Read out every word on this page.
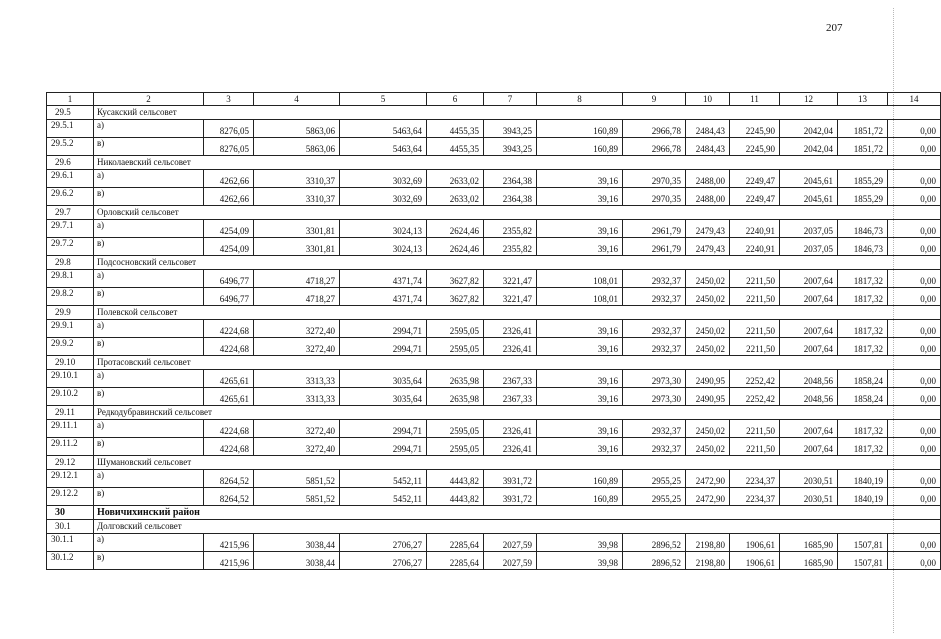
207
1	2	3	4	5	6	7	8	9	10	11	12	13	14
29.5	Кусакский сельсовет												
29.5.1	а)	8276,05	5863,06	5463,64	4455,35	3943,25	160,89	2966,78	2484,43	2245,90	2042,04	1851,72	0,00
29.5.2	в)	8276,05	5863,06	5463,64	4455,35	3943,25	160,89	2966,78	2484,43	2245,90	2042,04	1851,72	0,00
29.6	Николаевский сельсовет												
29.6.1	а)	4262,66	3310,37	3032,69	2633,02	2364,38	39,16	2970,35	2488,00	2249,47	2045,61	1855,29	0,00
29.6.2	в)	4262,66	3310,37	3032,69	2633,02	2364,38	39,16	2970,35	2488,00	2249,47	2045,61	1855,29	0,00
29.7	Орловский сельсовет												
29.7.1	а)	4254,09	3301,81	3024,13	2624,46	2355,82	39,16	2961,79	2479,43	2240,91	2037,05	1846,73	0,00
29.7.2	в)	4254,09	3301,81	3024,13	2624,46	2355,82	39,16	2961,79	2479,43	2240,91	2037,05	1846,73	0,00
29.8	Подсосновский сельсовет												
29.8.1	а)	6496,77	4718,27	4371,74	3627,82	3221,47	108,01	2932,37	2450,02	2211,50	2007,64	1817,32	0,00
29.8.2	в)	6496,77	4718,27	4371,74	3627,82	3221,47	108,01	2932,37	2450,02	2211,50	2007,64	1817,32	0,00
29.9	Полевской сельсовет												
29.9.1	а)	4224,68	3272,40	2994,71	2595,05	2326,41	39,16	2932,37	2450,02	2211,50	2007,64	1817,32	0,00
29.9.2	в)	4224,68	3272,40	2994,71	2595,05	2326,41	39,16	2932,37	2450,02	2211,50	2007,64	1817,32	0,00
29.10	Протасовский сельсовет												
29.10.1	а)	4265,61	3313,33	3035,64	2635,98	2367,33	39,16	2973,30	2490,95	2252,42	2048,56	1858,24	0,00
29.10.2	в)	4265,61	3313,33	3035,64	2635,98	2367,33	39,16	2973,30	2490,95	2252,42	2048,56	1858,24	0,00
29.11	Редкодубравинский сельсовет												
29.11.1	а)	4224,68	3272,40	2994,71	2595,05	2326,41	39,16	2932,37	2450,02	2211,50	2007,64	1817,32	0,00
29.11.2	в)	4224,68	3272,40	2994,71	2595,05	2326,41	39,16	2932,37	2450,02	2211,50	2007,64	1817,32	0,00
29.12	Шумановский сельсовет												
29.12.1	а)	8264,52	5851,52	5452,11	4443,82	3931,72	160,89	2955,25	2472,90	2234,37	2030,51	1840,19	0,00
29.12.2	в)	8264,52	5851,52	5452,11	4443,82	3931,72	160,89	2955,25	2472,90	2234,37	2030,51	1840,19	0,00
30	Новичихинский район												
30.1	Долговский сельсовет												
30.1.1	а)	4215,96	3038,44	2706,27	2285,64	2027,59	39,98	2896,52	2198,80	1906,61	1685,90	1507,81	0,00
30.1.2	в)	4215,96	3038,44	2706,27	2285,64	2027,59	39,98	2896,52	2198,80	1906,61	1685,90	1507,81	0,00
